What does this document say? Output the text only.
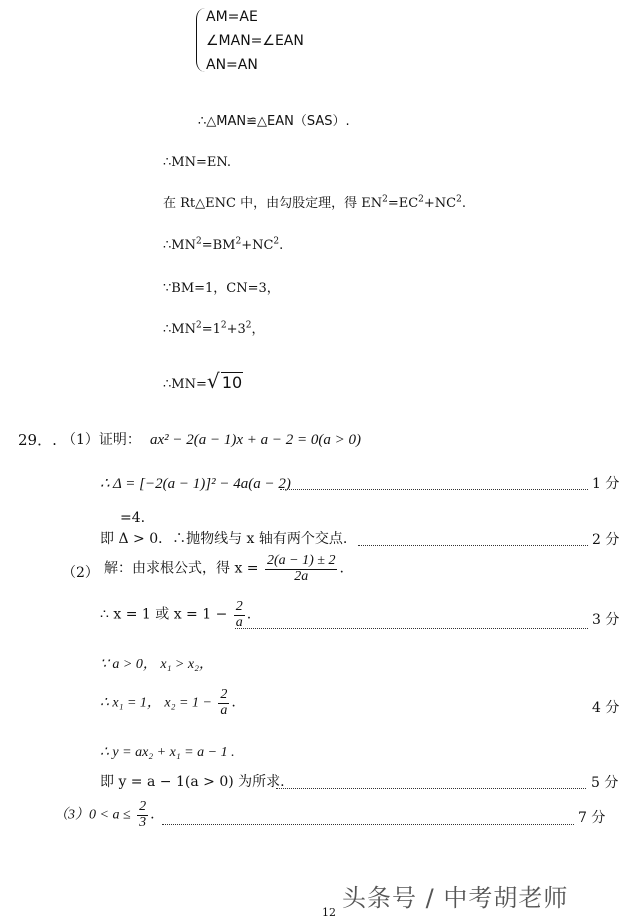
AM=AE
∠MAN=∠EAN
AN=AN
∴△MAN≌△EAN（SAS）.
∴MN=EN.
在 Rt△ENC 中，由勾股定理，得 $EN^2=EC^2+NC^2$.
$\therefore MN^2=BM^2+NC^2$.
∵BM=1，CN=3，
$\therefore MN^2=1^2+3^2$，
∴MN=√ 10
29．. （1）证明： ax² − 2(a − 1)x + a − 2 = 0(a > 0)
∴ Δ = [−2(a − 1)]² − 4a(a − 2)	1 分
=4.
即 Δ > 0．∴抛物线与 x 轴有两个交点.	2 分
（2） 解：由求根公式，得 $x = \frac{2(a - 1) \pm 2}{2a}$ .
∴ x = 1 或 $x = 1 - \frac{2}{a}$ .	3 分
∵ a > 0， x₁ > x₂，
∴ x₁ = 1， $x_2 = 1 - \frac{2}{a}$ .	4 分
∴ y = ax₂ + x₁ = a − 1 .
即 y = a − 1(a > 0) 为所求.	5 分
$(3)0 < a \le \frac{2}{3}$ .	7 分
头条号 / 中考胡老师
12
